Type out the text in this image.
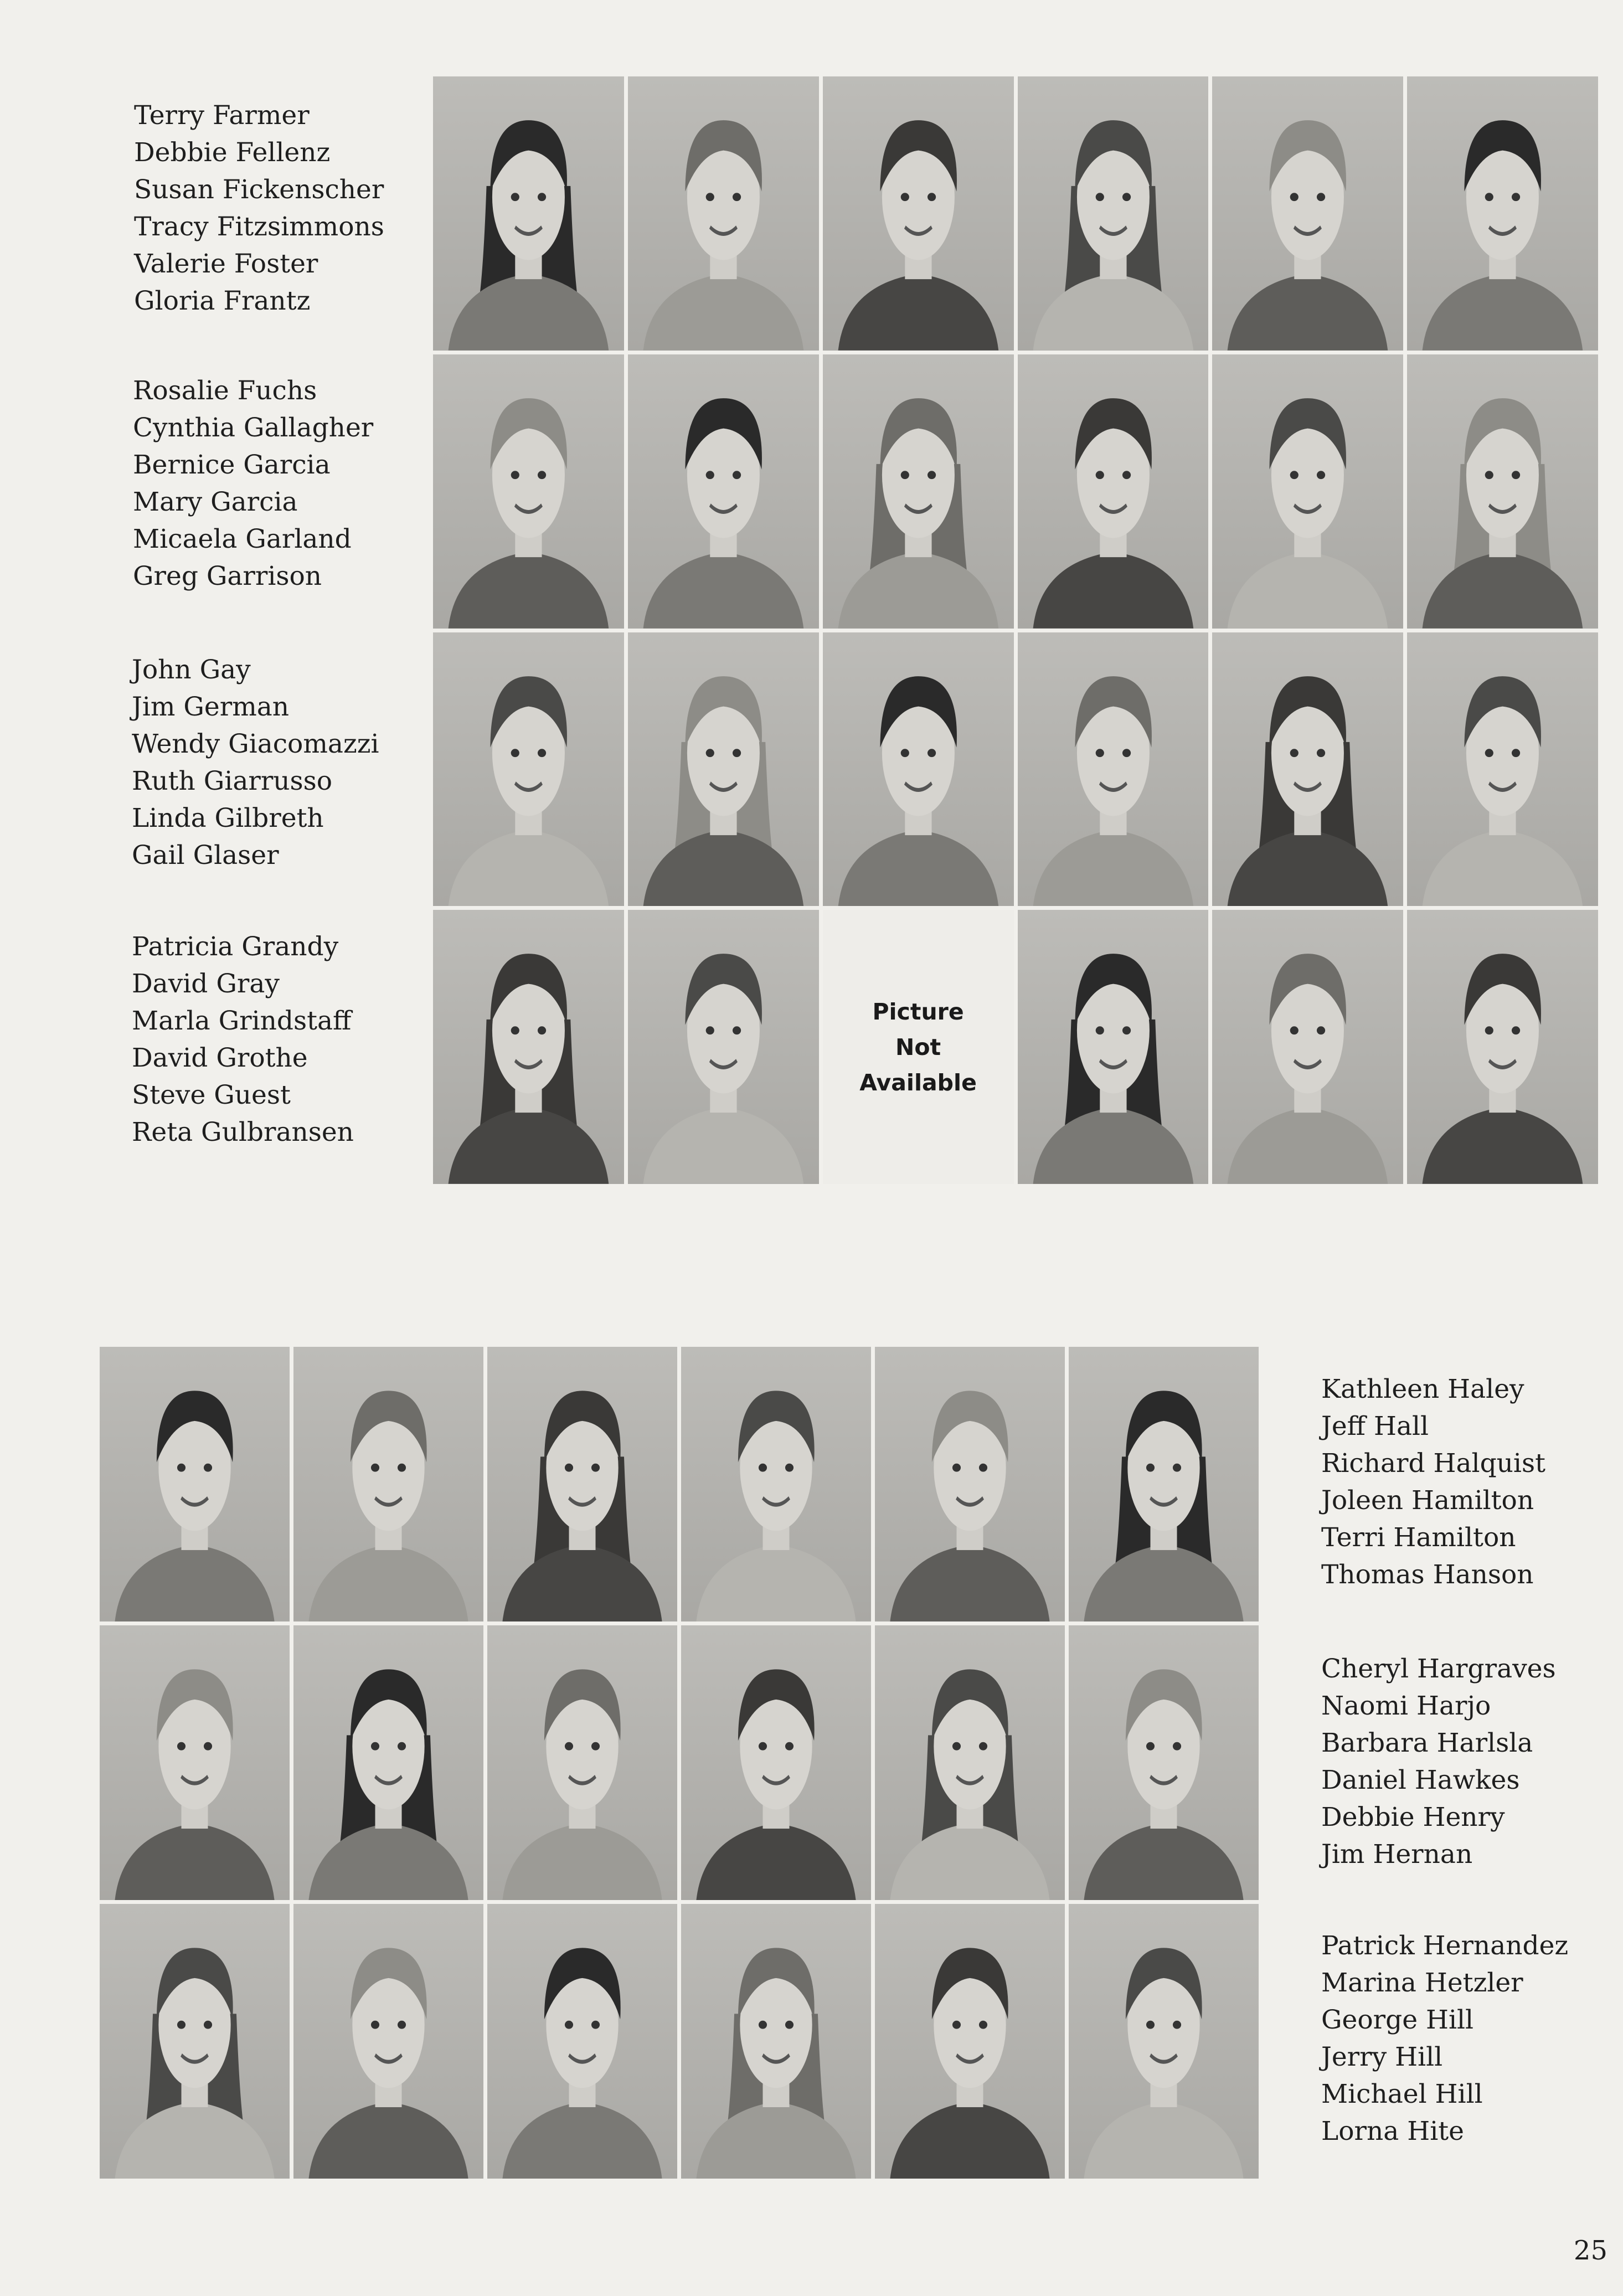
Terry Farmer
Debbie Fellenz
Susan Fickenscher
Tracy Fitzsimmons
Valerie Foster
Gloria Frantz
Rosalie Fuchs
Cynthia Gallagher
Bernice Garcia
Mary Garcia
Micaela Garland
Greg Garrison
John Gay
Jim German
Wendy Giacomazzi
Ruth Giarrusso
Linda Gilbreth
Gail Glaser
Patricia Grandy
David Gray
Marla Grindstaff
David Grothe
Steve Guest
Reta Gulbransen
Picture
Not
Available
Kathleen Haley
Jeff Hall
Richard Halquist
Joleen Hamilton
Terri Hamilton
Thomas Hanson
Cheryl Hargraves
Naomi Harjo
Barbara Harlsla
Daniel Hawkes
Debbie Henry
Jim Hernan
Patrick Hernandez
Marina Hetzler
George Hill
Jerry Hill
Michael Hill
Lorna Hite
25
